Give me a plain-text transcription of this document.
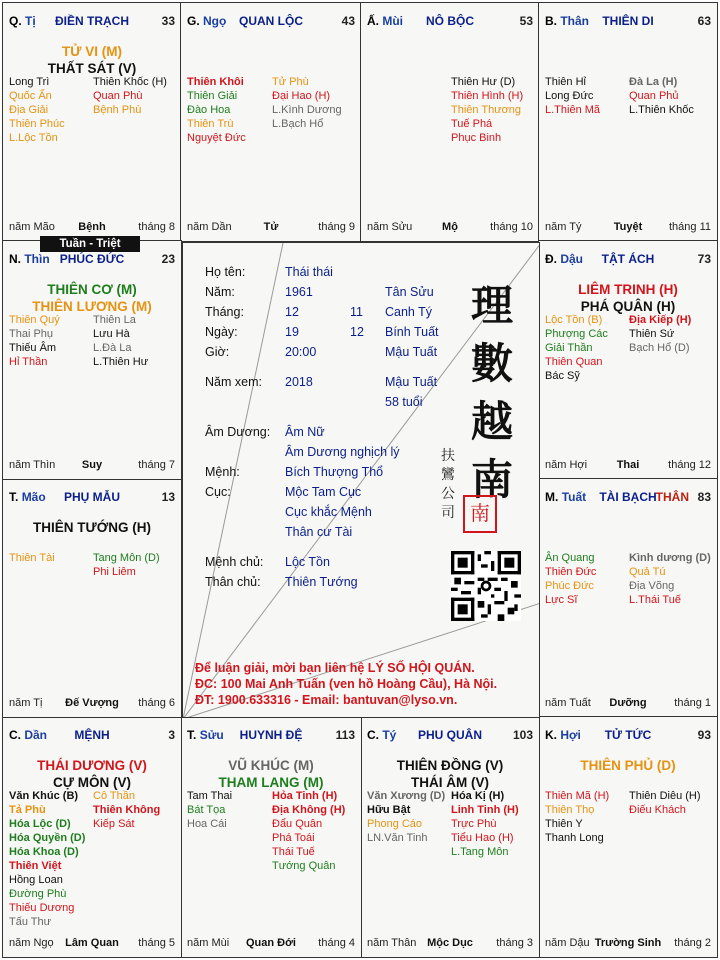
ĐIỀN TRẠCH
Q. Tị	33
TỬ VI (M)
THẤT SÁT (V)
Long Trì
Quốc Ấn
Địa Giải
Thiên Phúc
L.Lộc Tồn
Thiên Khốc (H)
Quan Phù
Bệnh Phù
Bệnh
năm Mão	tháng 8
QUAN LỘC
G. Ngọ	43
Thiên Khôi
Thiên Giải
Đào Hoa
Thiên Trù
Nguyệt Đức
Tử Phù
Đại Hao (H)
L.Kình Dương
L.Bạch Hổ
Tử
năm Dần	tháng 9
NÔ BỘC
Ấ. Mùi	53
Thiên Hư (D)
Thiên Hình (H)
Thiên Thương
Tuế Phá
Phục Binh
Mộ
năm Sửu	tháng 10
THIÊN DI
B. Thân	63
Thiên Hỉ
Long Đức
L.Thiên Mã
Đà La (H)
Quan Phủ
L.Thiên Khốc
Tuyệt
năm Tý	tháng 11
TẬT ÁCH
Đ. Dậu	73
LIÊM TRINH (H)
PHÁ QUÂN (H)
Lộc Tồn (B)
Phượng Các
Giải Thần
Thiên Quan
Bác Sỹ
Địa Kiếp (H)
Thiên Sứ
Bạch Hổ (D)
Thai
năm Hợi	tháng 12
TÀI BẠCH
M. Tuất	THÂN 83
Ân Quang
Thiên Đức
Phúc Đức
Lực Sĩ
Kình dương (D)
Quả Tú
Địa Võng
L.Thái Tuế
Dưỡng
năm Tuất	tháng 1
TỬ TỨC
K. Hợi	93
THIÊN PHỦ (D)
Thiên Mã (H)
Thiên Thọ
Thiên Y
Thanh Long
Thiên Diêu (H)
Điếu Khách
Trường Sinh
năm Dậu	tháng 2
PHU QUÂN
C. Tý	103
THIÊN ĐỒNG (V)
THÁI ÂM (V)
Văn Xương (D)
Hữu Bật
Phong Cáo
LN.Văn Tinh
Hóa Kị (H)
Linh Tinh (H)
Trực Phù
Tiểu Hao (H)
L.Tang Môn
Mộc Dục
năm Thân	tháng 3
HUYNH ĐỆ
T. Sửu	113
VŨ KHÚC (M)
THAM LANG (M)
Tam Thai
Bát Tọa
Hoa Cái
Hỏa Tinh (H)
Địa Không (H)
Đẩu Quân
Phá Toái
Thái Tuế
Tướng Quân
Quan Đới
năm Mùi	tháng 4
MỆNH
C. Dần	3
THÁI DƯƠNG (V)
CỰ MÔN (V)
Văn Khúc (B)
Tả Phù
Hóa Lộc (D)
Hóa Quyền (D)
Hóa Khoa (D)
Thiên Việt
Hồng Loan
Đường Phù
Thiếu Dương
Tấu Thư
Cô Thần
Thiên Không
Kiếp Sát
Lâm Quan
năm Ngọ	tháng 5
PHỤ MẪU
T. Mão	13
THIÊN TƯỚNG (H)
Thiên Tài	Tang Môn (D)
Phi Liêm
Đế Vượng
năm Tị	tháng 6
PHÚC ĐỨC
N. Thìn	23
THIÊN CƠ (M)
THIÊN LƯƠNG (M)
Thiên Quý
Thai Phụ
Thiếu Âm
Hỉ Thần
Thiên La
Lưu Hà
L.Đà La
L.Thiên Hư
Suy
năm Thìn	tháng 7
Tuần - Triệt
Họ tên:	Thái thái
Năm:	1961	Tân Sửu
Tháng:	12	11 Canh Tý
Ngày:	19	12 Bính Tuất
Giờ:	20:00	Mậu Tuất
Năm xem: 2018	Mậu Tuất
58 tuổi
Âm Dương: Âm Nữ
Âm Dương nghịch lý
Mệnh:	Bích Thượng Thổ
Cục:	Mộc Tam Cục
Cục khắc Mệnh
Thân cư Tài
Mệnh chủ: Lộc Tồn
Thân chủ: Thiên Tướng
理數越南
扶鸞公司 南
Để luận giải, mời bạn liên hệ LÝ SỐ HỘI QUÁN.
ĐC: 100 Mai Anh Tuấn (ven hồ Hoàng Cầu), Hà Nội.
ĐT: 1900.633316 - Email: bantuvan@lyso.vn.
